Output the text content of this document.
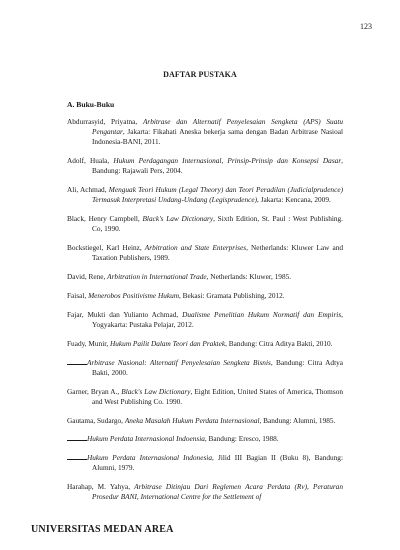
123
DAFTAR PUSTAKA
A. Buku-Buku
Abdurrasyid, Priyatna, Arbitrase dan Alternatif Penyelesaian Sengketa (APS) Suatu Pengantar, Jakarta: Fikahati Aneska bekerja sama dengan Badan Arbitrase Nasioal Indonesia-BANI, 2011.
Adolf, Huala, Hukum Perdagangan Internasional, Prinsip-Prinsip dan Konsepsi Dasar, Bandung: Rajawali Pers, 2004.
Ali, Achmad, Menguak Teori Hukum (Legal Theory) dan Teori Peradilan (Judicialprudence) Termasuk Interpretasi Undang-Undang (Legisprudence), Jakarta: Kencana, 2009.
Black, Henry Campbell, Black's Law Dictionary, Sixth Edition, St. Paul : West Publishing. Co, 1990.
Bockstiegel, Karl Heinz, Arbitration and State Enterprises, Netherlands: Kluwer Law and Taxation Publishers, 1989.
David, Rene, Arbitration in International Trade, Netherlands: Kluwer, 1985.
Faisal, Menerobos Positivisme Hukum, Bekasi: Gramata Publishing, 2012.
Fajar, Mukti dan Yulianto Achmad, Dualisme Penelitian Hukum Normatif dan Empiris, Yogyakarta: Pustaka Pelajar, 2012.
Fuady, Munir, Hukum Pailit Dalam Teori dan Praktek, Bandung: Citra Aditya Bakti, 2010.
Arbitrase Nasional: Alternatif Penyelesaian Sengketa Bisnis, Bandung: Citra Adtya Bakti, 2000.
Garner, Bryan A., Black's Law Dictionary, Eight Edition, United States of America, Thomson and West Publishing Co. 1990.
Gautama, Sudargo, Aneka Masalah Hukum Perdata Internasional, Bandung: Alumni, 1985.
Hukum Perdata Internasional Indoensia, Bandung: Eresco, 1988.
Hukum Perdata Internasional Indonesia, Jilid III Bagian II (Buku 8), Bandung: Alumni, 1979.
Harahap, M. Yahya, Arbitrase Ditinjau Dari Reglemen Acara Perdata (Rv), Peraturan Prosedur BANI, International Centre for the Settlement of
UNIVERSITAS MEDAN AREA
